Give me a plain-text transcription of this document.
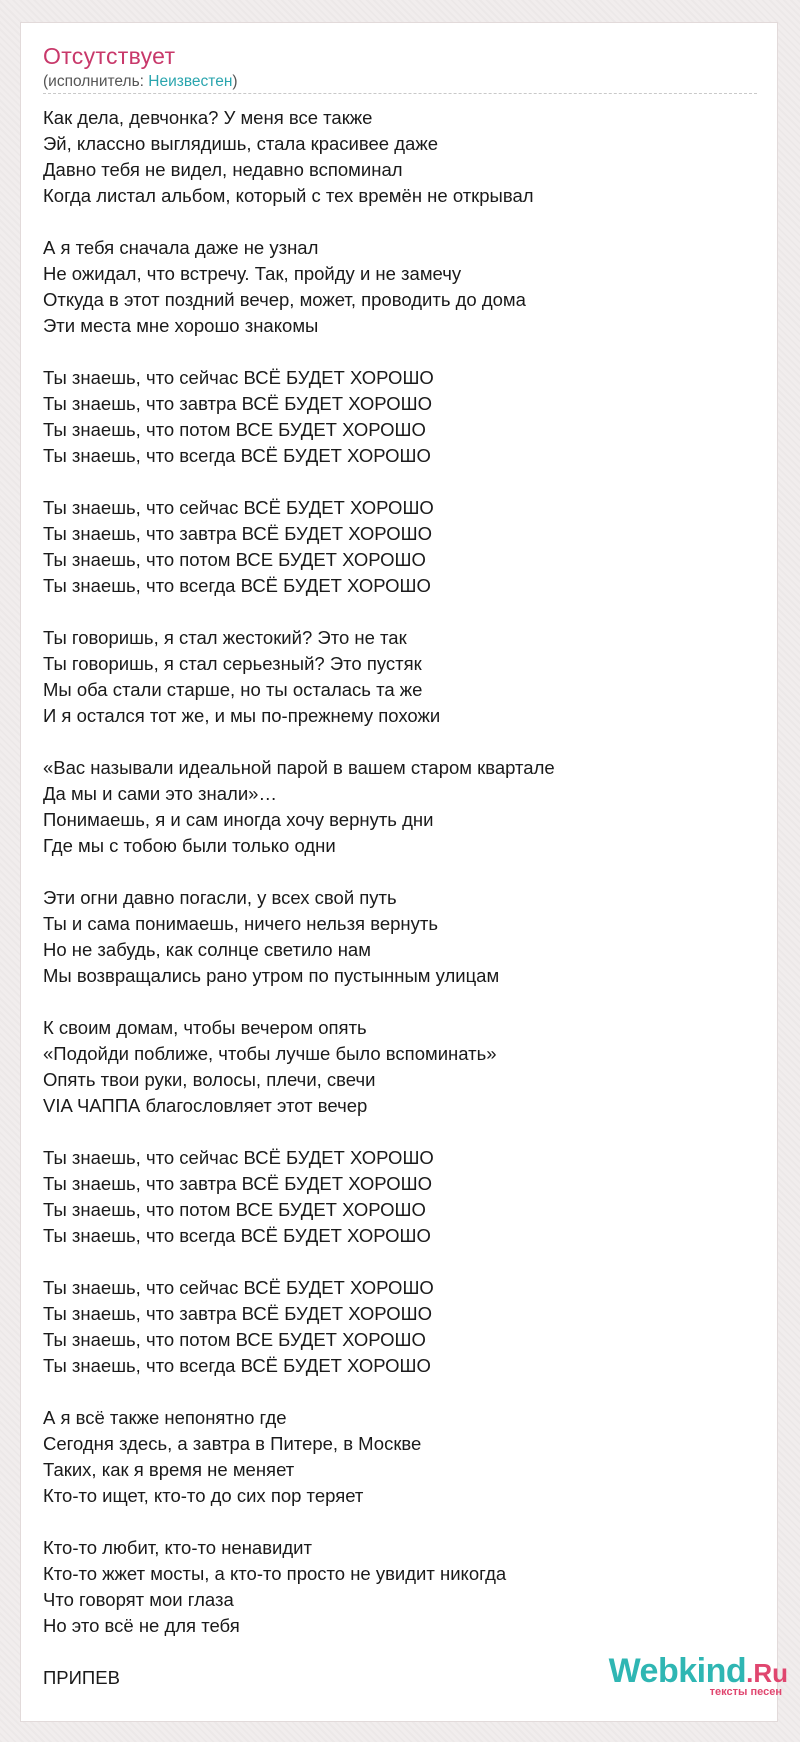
Отсутствует
(исполнитель: Неизвестен)
Как дела, девчонка? У меня все также
Эй, классно выглядишь, стала красивее даже
Давно тебя не видел, недавно вспоминал
Когда листал альбом, который с тех времён не открывал
А я тебя сначала даже не узнал
Не ожидал, что встречу. Так, пройду и не замечу
Откуда в этот поздний вечер, может, проводить до дома
Эти места мне хорошо знакомы
Ты знаешь, что сейчас ВСЁ БУДЕТ ХОРОШО
Ты знаешь, что завтра ВСЁ БУДЕТ ХОРОШО
Ты знаешь, что потом ВСЕ БУДЕТ ХОРОШО
Ты знаешь, что всегда ВСЁ БУДЕТ ХОРОШО
Ты знаешь, что сейчас ВСЁ БУДЕТ ХОРОШО
Ты знаешь, что завтра ВСЁ БУДЕТ ХОРОШО
Ты знаешь, что потом ВСЕ БУДЕТ ХОРОШО
Ты знаешь, что всегда ВСЁ БУДЕТ ХОРОШО
Ты говоришь, я стал жестокий? Это не так
Ты говоришь, я стал серьезный? Это пустяк
Мы оба стали старше, но ты осталась та же
И я остался тот же, и мы по-прежнему похожи
«Вас называли идеальной парой в вашем старом квартале
Да мы и сами это знали»…
Понимаешь, я и сам иногда хочу вернуть дни
Где мы с тобою были только одни
Эти огни давно погасли, у всех свой путь
Ты и сама понимаешь, ничего нельзя вернуть
Но не забудь, как солнце светило нам
Мы возвращались рано утром по пустынным улицам
К своим домам, чтобы вечером опять
«Подойди поближе, чтобы лучше было вспоминать»
Опять твои руки, волосы, плечи, свечи
VIA ЧАППА благословляет этот вечер
Ты знаешь, что сейчас ВСЁ БУДЕТ ХОРОШО
Ты знаешь, что завтра ВСЁ БУДЕТ ХОРОШО
Ты знаешь, что потом ВСЕ БУДЕТ ХОРОШО
Ты знаешь, что всегда ВСЁ БУДЕТ ХОРОШО
Ты знаешь, что сейчас ВСЁ БУДЕТ ХОРОШО
Ты знаешь, что завтра ВСЁ БУДЕТ ХОРОШО
Ты знаешь, что потом ВСЕ БУДЕТ ХОРОШО
Ты знаешь, что всегда ВСЁ БУДЕТ ХОРОШО
А я всё также непонятно где
Сегодня здесь, а завтра в Питере, в Москве
Таких, как я время не меняет
Кто-то ищет, кто-то до сих пор теряет
Кто-то любит, кто-то ненавидит
Кто-то жжет мосты, а кто-то просто не увидит никогда
Что говорят мои глаза
Но это всё не для тебя
ПРИПЕВ	Webkind.Ru
тексты песен
